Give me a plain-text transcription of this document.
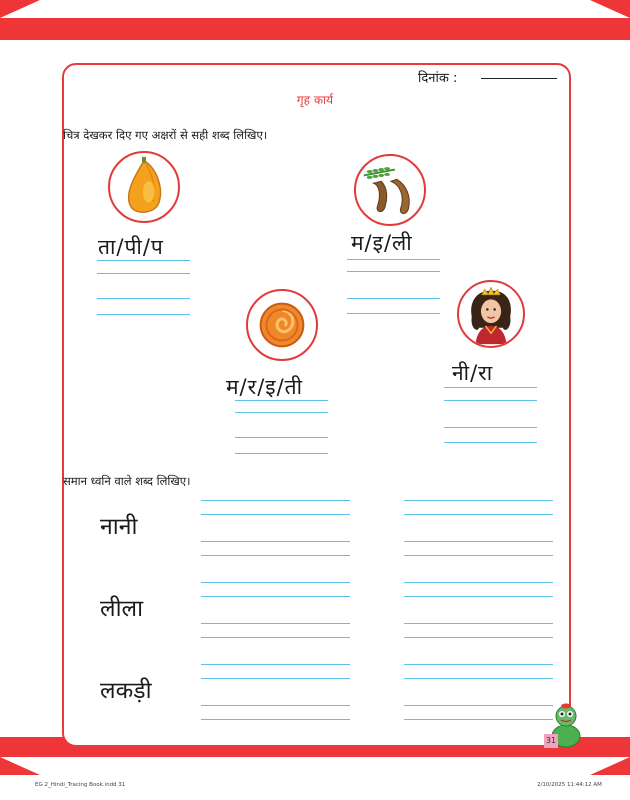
दिनांक :
गृह कार्य
चित्र देखकर दिए गए अक्षरों से सही शब्द लिखिए।
ता/पी/प	म/इ/ली
म/र/इ/ती
नी/रा
समान ध्वनि वाले शब्द लिखिए।
नानी
लीला
लकड़ी
31
EG 2_Hindi_Tracing Book.indd 31	2/10/2025 11:44:12 AM
